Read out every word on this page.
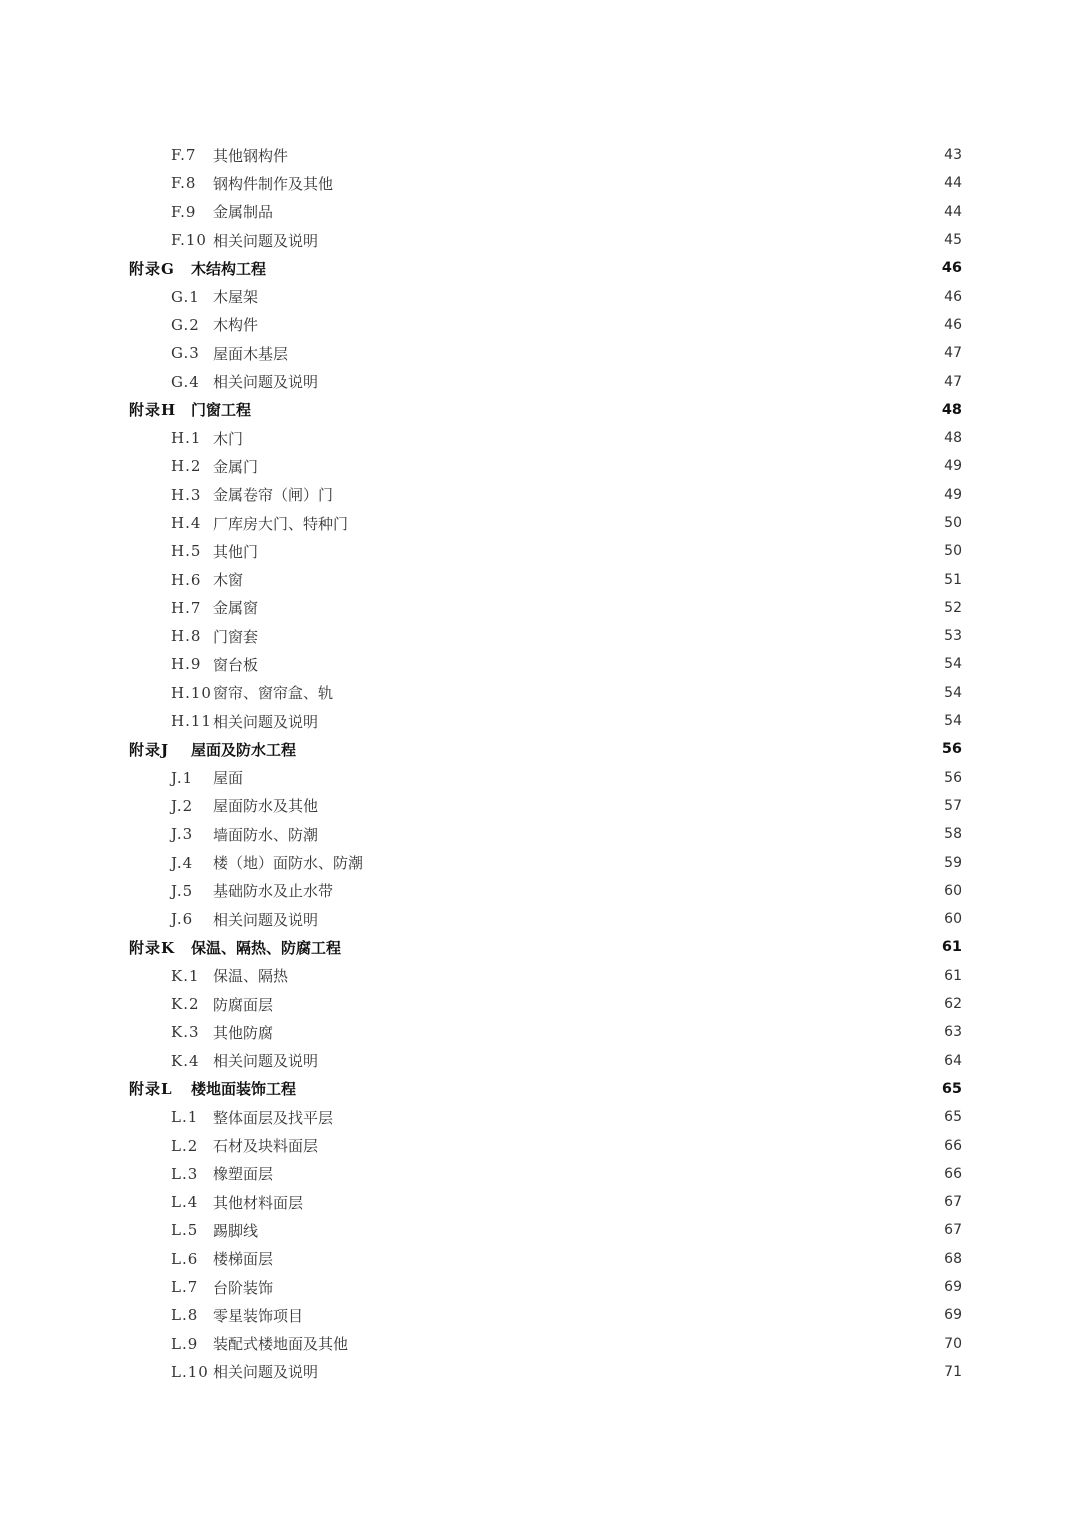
F.7	其他钢构件	43
F.8	钢构件制作及其他	44
F.9	金属制品	44
F.10 相关问题及说明	45
附录G	木结构工程	46
G.1 木屋架	46
G.2 木构件	46
G.3 屋面木基层	47
G.4 相关问题及说明	47
附录H 门窗工程	48
H.1 木门	48
H.2 金属门	49
H.3 金属卷帘（闸）门	49
H.4 厂库房大门、特种门	50
H.5 其他门	50
H.6 木窗	51
H.7 金属窗	52
H.8 门窗套	53
H.9 窗台板	54
H.10 窗帘、窗帘盒、轨	54
H.11 相关问题及说明	54
附录J	屋面及防水工程	56
J.1	屋面	56
J.2	屋面防水及其他	57
J.3	墙面防水、防潮	58
J.4	楼（地）面防水、防潮	59
J.5	基础防水及止水带	60
J.6	相关问题及说明	60
附录K	保温、隔热、防腐工程	61
K.1 保温、隔热	61
K.2 防腐面层	62
K.3 其他防腐	63
K.4 相关问题及说明	64
附录L	楼地面装饰工程	65
L.1 整体面层及找平层	65
L.2 石材及块料面层	66
L.3 橡塑面层	66
L.4 其他材料面层	67
L.5 踢脚线	67
L.6 楼梯面层	68
L.7 台阶装饰	69
L.8 零星装饰项目	69
L.9 装配式楼地面及其他	70
L.10 相关问题及说明	71
